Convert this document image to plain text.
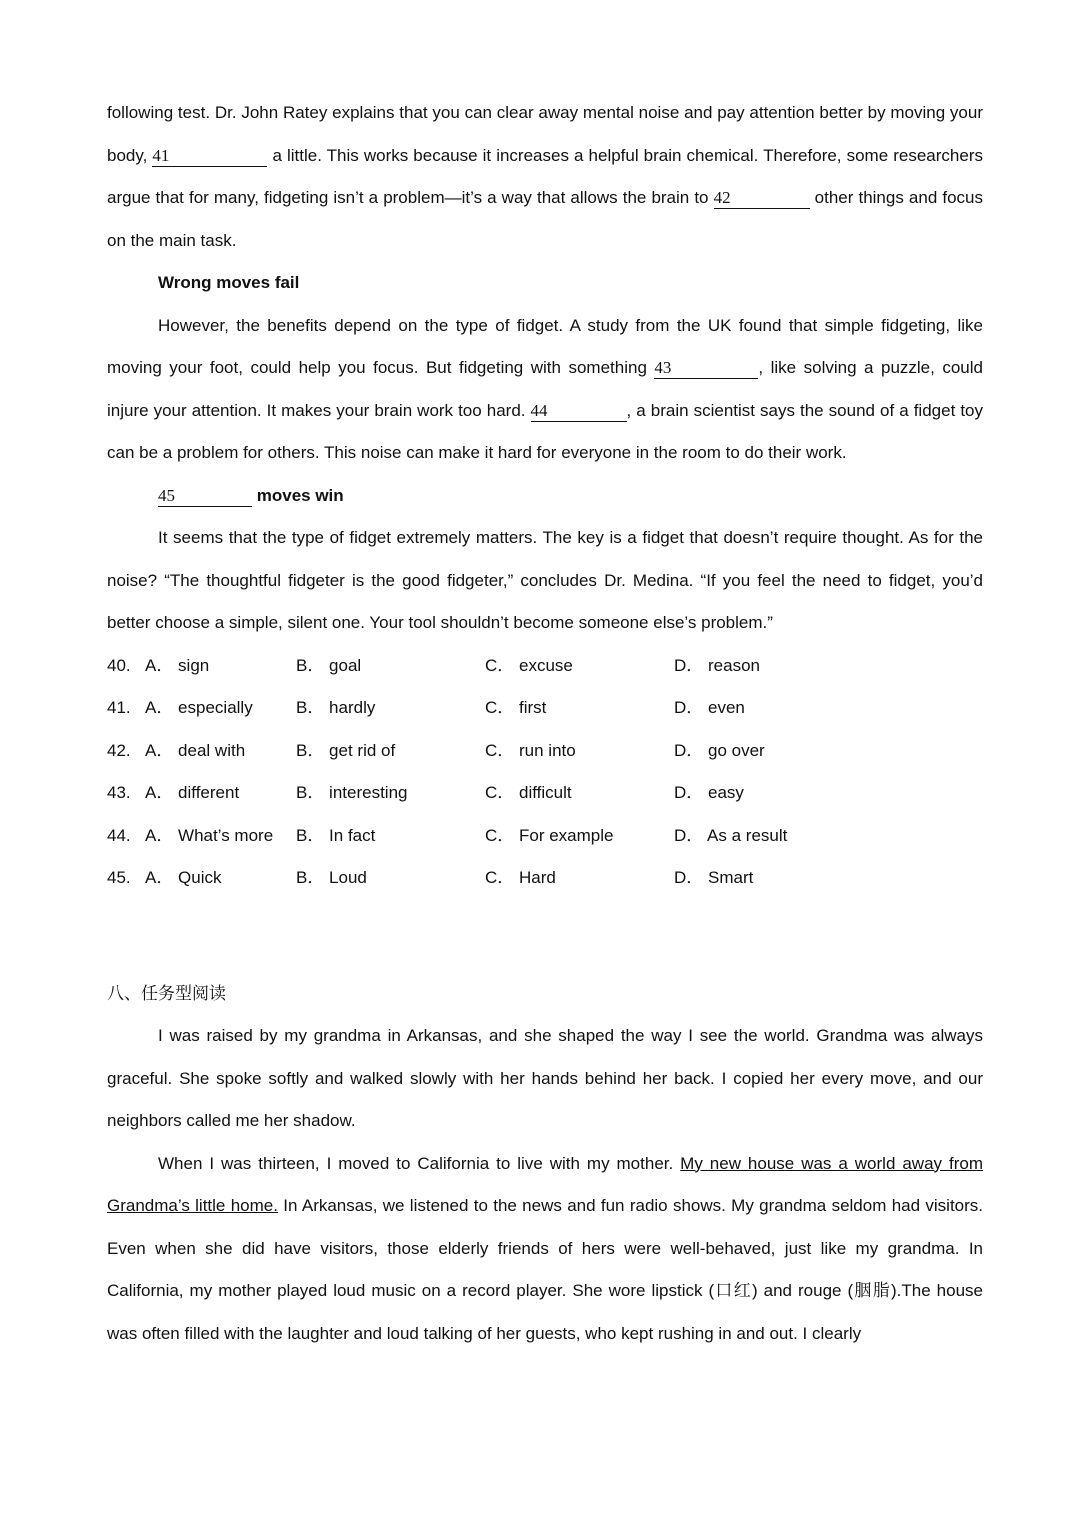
following test. Dr. John Ratey explains that you can clear away mental noise and pay attention better by moving your body, 41	a little. This works because it increases a helpful brain chemical. Therefore, some researchers argue that for many, fidgeting isn’t a problem—it’s a way that allows the brain to 42	other things and focus on the main task.

Wrong moves fail

However, the benefits depend on the type of fidget. A study from the UK found that simple fidgeting, like moving your foot, could help you focus. But fidgeting with something 43	, like solving a puzzle, could injure your attention. It makes your brain work too hard. 44	, a brain scientist says the sound of a fidget toy can be a problem for others. This noise can make it hard for everyone in the room to do their work.

45	moves win

It seems that the type of fidget extremely matters. The key is a fidget that doesn’t require thought. As for the noise? “The thoughtful fidgeter is the good fidgeter,” concludes Dr. Medina. “If you feel the need to fidget, you’d better choose a simple, silent one. Your tool shouldn’t become someone else’s problem.”

40. A． sign	B． goal	C． excuse	D． reason
41. A． especially	B． hardly	C． first	D． even
42. A． deal with	B． get rid of	C． run into	D． go over
43. A． different	B． interesting	C． difficult	D． easy
44. A． What’s more	B． In fact	C． For example	D． As a result
45. A． Quick	B． Loud	C． Hard	D． Smart

八、任务型阅读

I was raised by my grandma in Arkansas, and she shaped the way I see the world. Grandma was always graceful. She spoke softly and walked slowly with her hands behind her back. I copied her every move, and our neighbors called me her shadow.

When I was thirteen, I moved to California to live with my mother. My new house was a world away from Grandma’s little home. In Arkansas, we listened to the news and fun radio shows. My grandma seldom had visitors. Even when she did have visitors, those elderly friends of hers were well-behaved, just like my grandma. In California, my mother played loud music on a record player. She wore lipstick (口红) and rouge (胭脂).The house was often filled with the laughter and loud talking of her guests, who kept rushing in and out. I clearly
